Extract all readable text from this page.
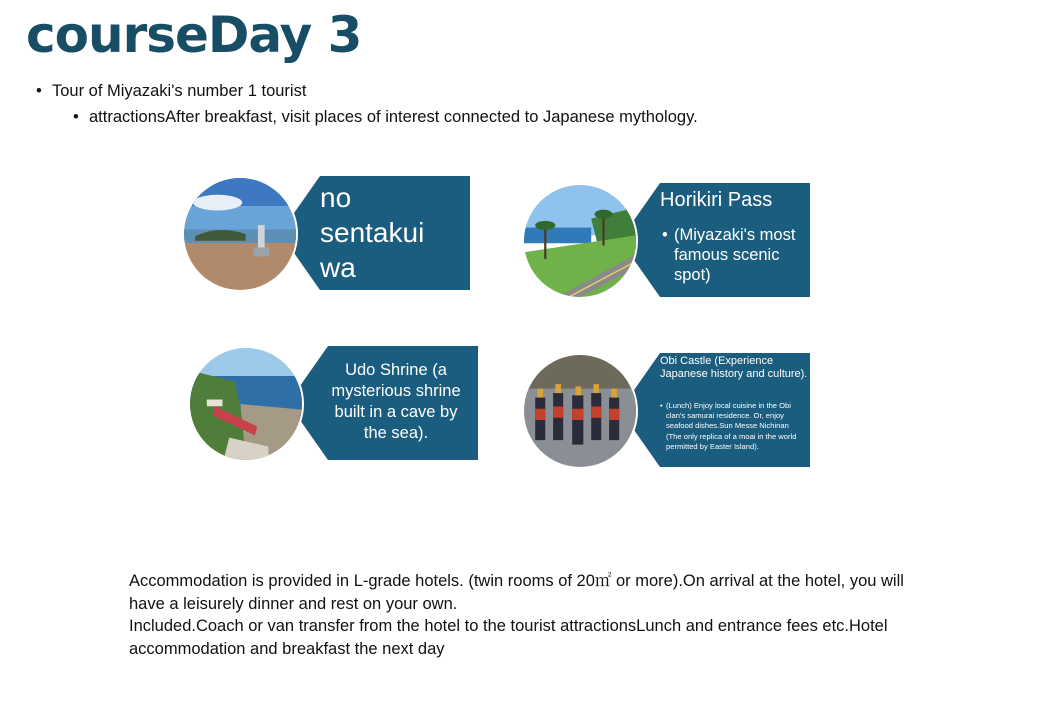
courseDay 3
• Tour of Miyazaki's number 1 tourist
• attractionsAfter breakfast, visit places of interest connected to Japanese mythology.
no sentakui wa
Horikiri Pass
• (Miyazaki's most famous scenic spot)
Udo Shrine (a mysterious shrine built in a cave by the sea).
Obi Castle (Experience Japanese history and culture).
• (Lunch) Enjoy local cuisine in the Obi clan's samurai residence. Or, enjoy seafood dishes.Sun Messe Nichinan (The only replica of a moai in the world permitted by Easter Island).

Accommodation is provided in L-grade hotels. (twin rooms of 20㎡ or more).On arrival at the hotel, you will have a leisurely dinner and rest on your own.

Included.Coach or van transfer from the hotel to the tourist attractionsLunch and entrance fees etc.Hotel accommodation and breakfast the next day
